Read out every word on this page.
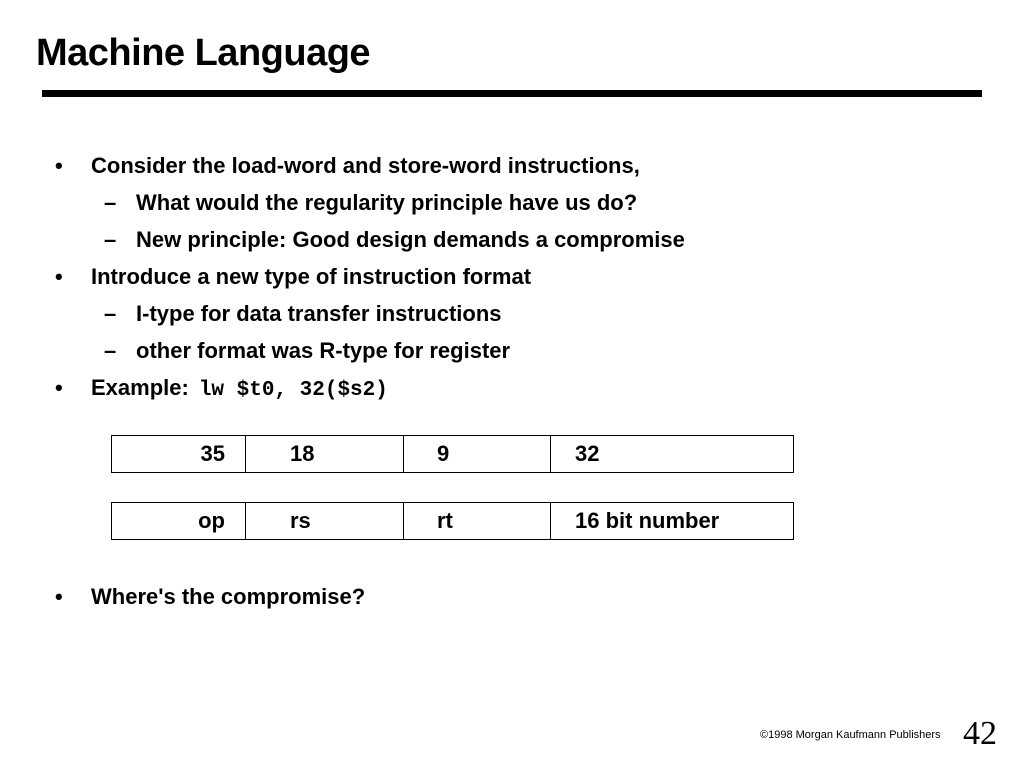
Machine Language
• Consider the load-word and store-word instructions,
– What would the regularity principle have us do?
– New principle: Good design demands a compromise
• Introduce a new type of instruction format
– I-type for data transfer instructions
– other format was R-type for register
• Example: lw $t0, 32($s2)
35	18	9	32
op	rs	rt	16 bit number
• Where's the compromise?
©1998 Morgan Kaufmann Publishers 42
